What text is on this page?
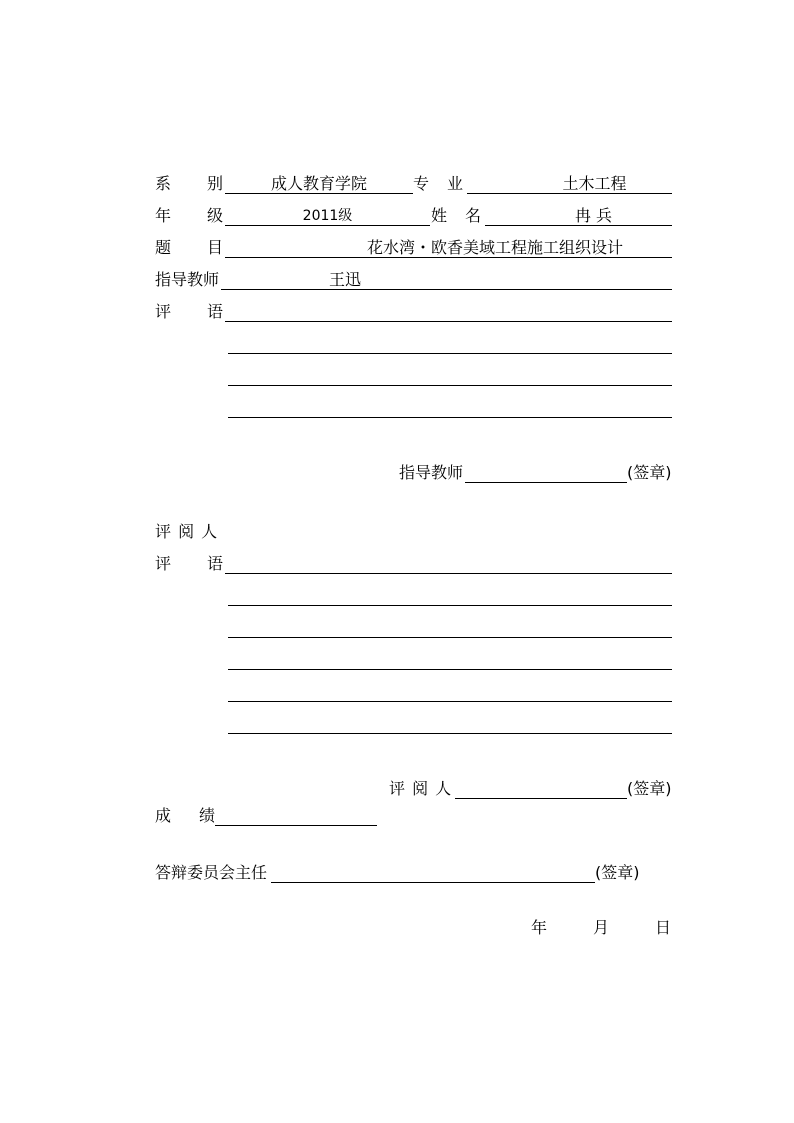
系 别	成人教育学院	专 业	土木工程
年 级	2011级	姓 名	冉 兵
题 目	花水湾・欧香美域工程施工组织设计
指导教师	王迅
评 语
指导教师	(签章)
评 阅 人
评 语
评 阅 人	(签章)
成 绩
答辩委员会主任	(签章)
年	月	日
